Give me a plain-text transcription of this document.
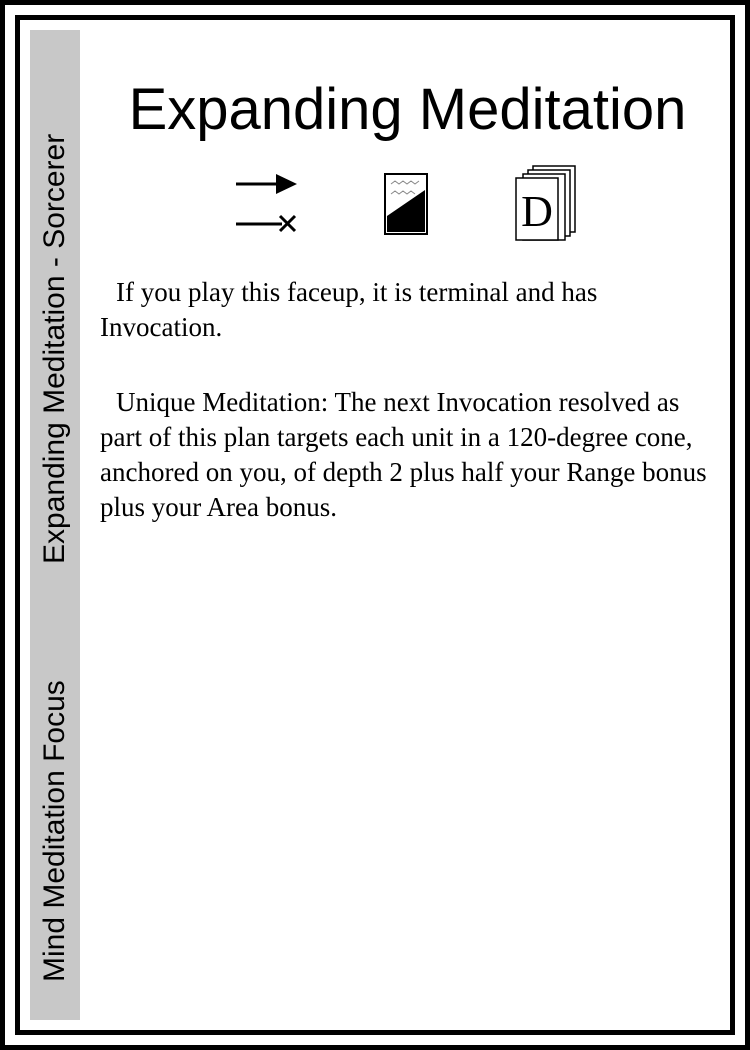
Expanding Meditation - Sorcerer
Mind Meditation Focus
Expanding Meditation
D

If you play this faceup, it is terminal and has Invocation.

Unique Meditation: The next Invocation resolved as part of this plan targets each unit in a 120-degree cone, anchored on you, of depth 2 plus half your Range bonus plus your Area bonus.
